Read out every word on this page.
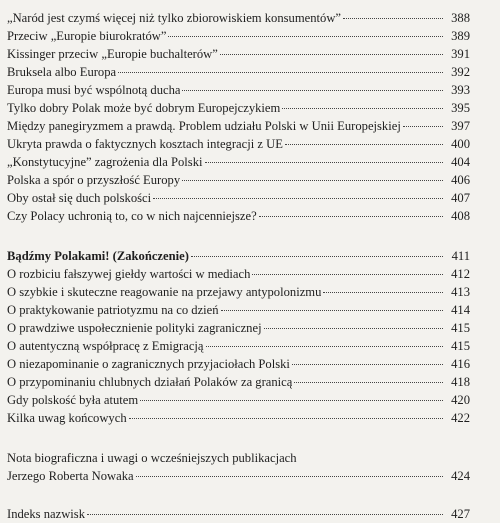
„Naród jest czymś więcej niż tylko zbiorowiskiem konsumentów”	388
Przeciw „Europie biurokratów”	389
Kissinger przeciw „Europie buchalterów”	391
Bruksela albo Europa	392
Europa musi być wspólnotą ducha	393
Tylko dobry Polak może być dobrym Europejczykiem	395
Między panegiryzmem a prawdą. Problem udziału Polski w Unii Europejskiej	397
Ukryta prawda o faktycznych kosztach integracji z UE	400
„Konstytucyjne” zagrożenia dla Polski	404
Polska a spór o przyszłość Europy	406
Oby ostał się duch polskości	407
Czy Polacy uchronią to, co w nich najcenniejsze?	408
Bądźmy Polakami! (Zakończenie)	411
O rozbiciu fałszywej giełdy wartości w mediach	412
O szybkie i skuteczne reagowanie na przejawy antypolonizmu	413
O praktykowanie patriotyzmu na co dzień	414
O prawdziwe uspołecznienie polityki zagranicznej	415
O autentyczną współpracę z Emigracją	415
O niezapominanie o zagranicznych przyjaciołach Polski	416
O przypominaniu chlubnych działań Polaków za granicą	418
Gdy polskość była atutem	420
Kilka uwag końcowych	422
Nota biograficzna i uwagi o wcześniejszych publikacjach
Jerzego Roberta Nowaka	424
Indeks nazwisk	427
